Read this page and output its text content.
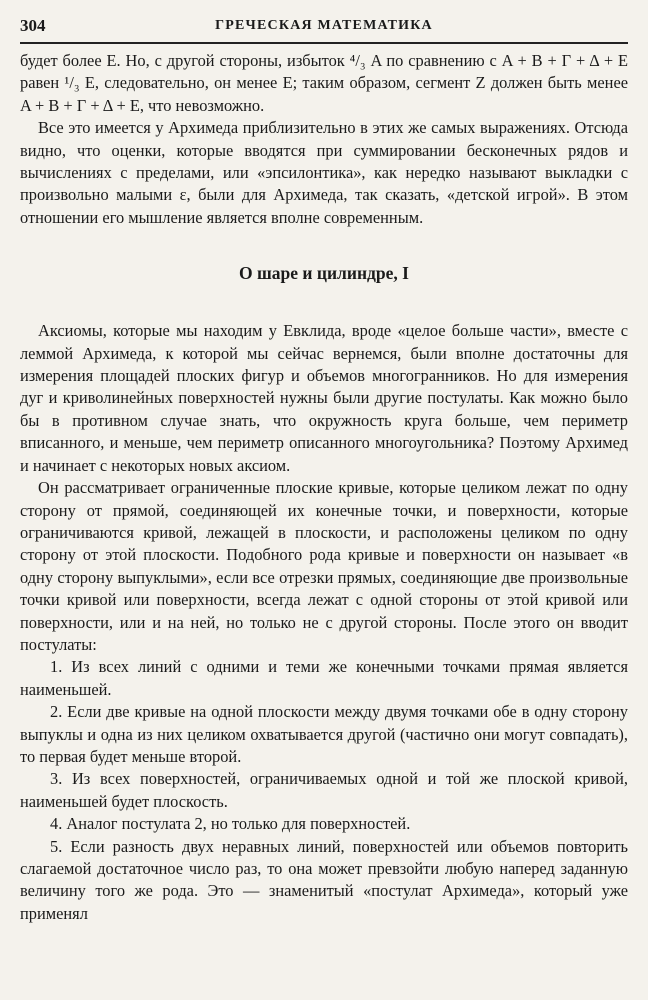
304	ГРЕЧЕСКАЯ МАТЕМАТИКА

будет более E. Но, с другой стороны, избыток ⁴/₃ A по сравнению с A + B + Γ + Δ + E равен ¹/₃ E, следовательно, он менее E; таким образом, сегмент Z должен быть менее A + B + Γ + Δ + E, что невозможно.

Все это имеется у Архимеда приблизительно в этих же самых выражениях. Отсюда видно, что оценки, которые вводятся при суммировании бесконечных рядов и вычислениях с пределами, или «эпсилонтика», как нередко называют выкладки с произвольно малыми ε, были для Архимеда, так сказать, «детской игрой». В этом отношении его мышление является вполне современным.

О шаре и цилиндре, I

Аксиомы, которые мы находим у Евклида, вроде «целое больше части», вместе с леммой Архимеда, к которой мы сейчас вернемся, были вполне достаточны для измерения площадей плоских фигур и объемов многогранников. Но для измерения дуг и криволинейных поверхностей нужны были другие постулаты. Как можно было бы в противном случае знать, что окружность круга больше, чем периметр вписанного, и меньше, чем периметр описанного многоугольника? Поэтому Архимед и начинает с некоторых новых аксиом.

Он рассматривает ограниченные плоские кривые, которые целиком лежат по одну сторону от прямой, соединяющей их конечные точки, и поверхности, которые ограничиваются кривой, лежащей в плоскости, и расположены целиком по одну сторону от этой плоскости. Подобного рода кривые и поверхности он называет «в одну сторону выпуклыми», если все отрезки прямых, соединяющие две произвольные точки кривой или поверхности, всегда лежат с одной стороны от этой кривой или поверхности, или и на ней, но только не с другой стороны. После этого он вводит постулаты:

1. Из всех линий с одними и теми же конечными точками прямая является наименьшей.

2. Если две кривые на одной плоскости между двумя точками обе в одну сторону выпуклы и одна из них целиком охватывается другой (частично они могут совпадать), то первая будет меньше второй.

3. Из всех поверхностей, ограничиваемых одной и той же плоской кривой, наименьшей будет плоскость.

4. Аналог постулата 2, но только для поверхностей.

5. Если разность двух неравных линий, поверхностей или объемов повторить слагаемой достаточное число раз, то она может превзойти любую наперед заданную величину того же рода. Это — знаменитый «постулат Архимеда», который уже применял
